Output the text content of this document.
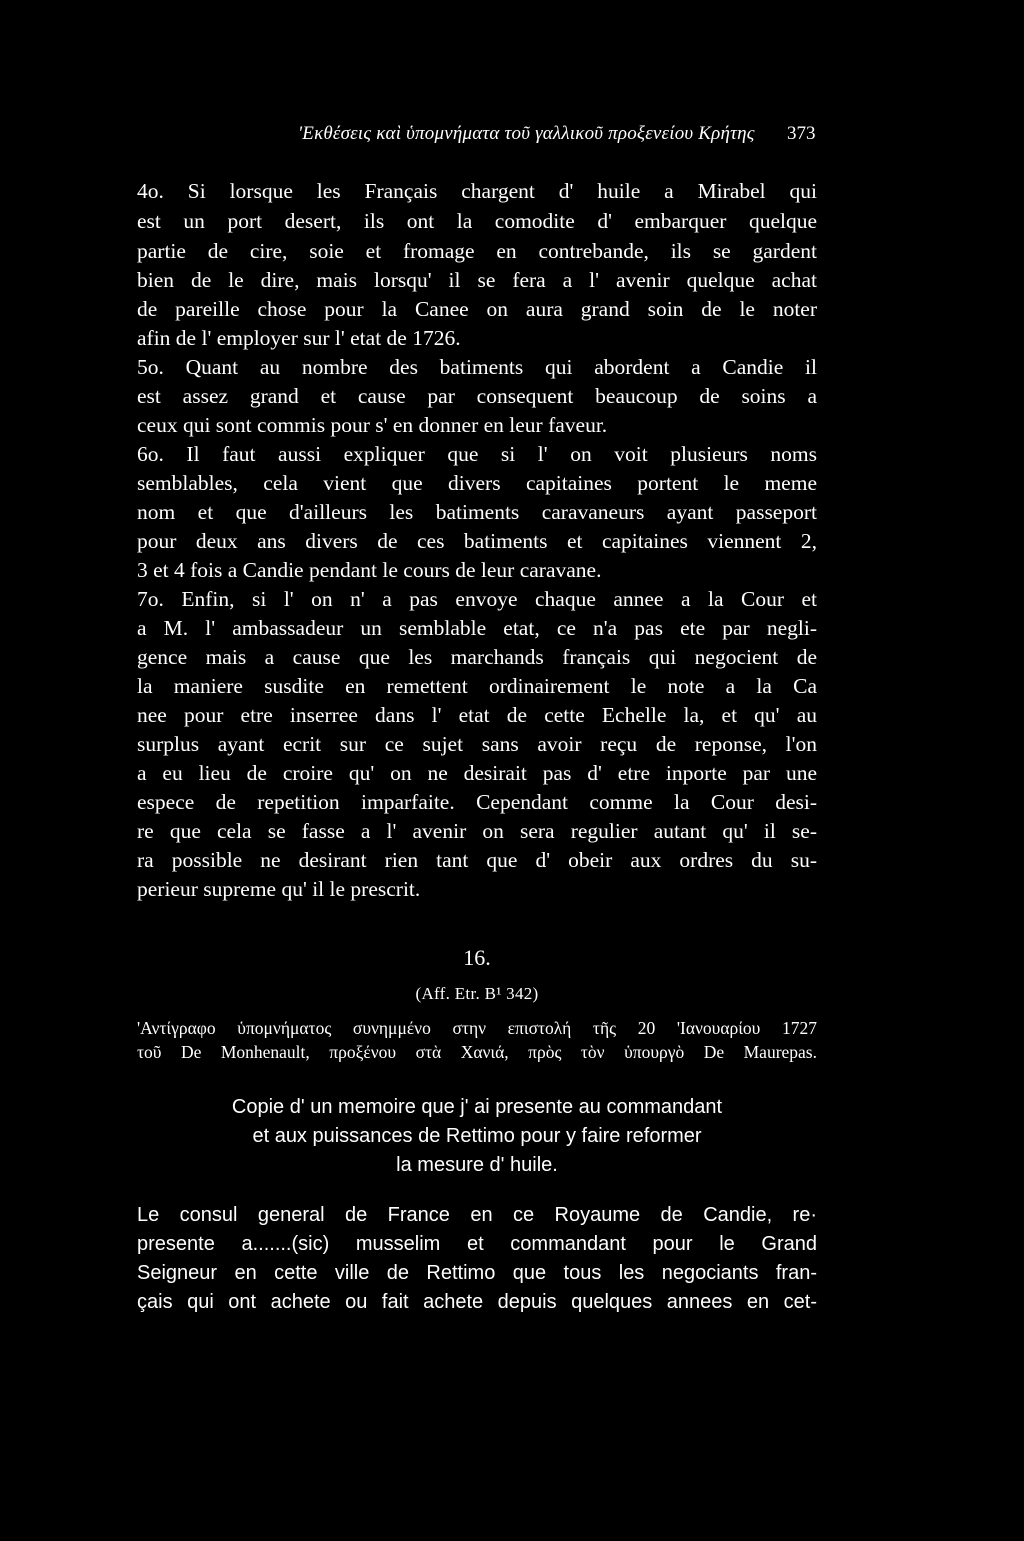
'Εκθέσεις καὶ ὑπομνήματα τοῦ γαλλικοῦ προξενείου Κρήτης	373
4o. Si lorsque les Français chargent d' huile a Mirabel qui
est un port desert, ils ont la comodite d' embarquer quelque
partie de cire, soie et fromage en contrebande, ils se gardent
bien de le dire, mais lorsqu' il se fera a l' avenir quelque achat
de pareille chose pour la Canee on aura grand soin de le noter
afin de l' employer sur l' etat de 1726.
5o. Quant au nombre des batiments qui abordent a Candie il
est assez grand et cause par consequent beaucoup de soins a
ceux qui sont commis pour s' en donner en leur faveur.
6o. Il faut aussi expliquer que si l' on voit plusieurs noms
semblables, cela vient que divers capitaines portent le meme
nom et que d'ailleurs les batiments caravaneurs ayant passeport
pour deux ans divers de ces batiments et capitaines viennent 2,
3 et 4 fois a Candie pendant le cours de leur caravane.
7o. Enfin, si l' on n' a pas envoye chaque annee a la Cour et
a M. l' ambassadeur un semblable etat, ce n'a pas ete par negli-
gence mais a cause que les marchands français qui negocient de
la maniere susdite en remettent ordinairement le note a la Ca
nee pour etre inserree dans l' etat de cette Echelle la, et qu' au
surplus ayant ecrit sur ce sujet sans avoir reçu de reponse, l'on
a eu lieu de croire qu' on ne desirait pas d' etre inporte par une
espece de repetition imparfaite. Cependant comme la Cour desi-
re que cela se fasse a l' avenir on sera regulier autant qu' il se-
ra possible ne desirant rien tant que d' obeir aux ordres du su-
perieur supreme qu' il le prescrit.
16.
(Aff. Etr. B¹ 342)
'Αντίγραφο ὑπομνήματος συνημμένο στην επιστολή τῆς 20 'Ιανουαρίου 1727
τοῦ De Monhenault, προξένου στὰ Χανιά, πρὸς τὸν ὑπουργὸ De Maurepas.
Copie d' un memoire que j' ai presente au commandant
et aux puissances de Rettimo pour y faire reformer
la mesure d' huile.
Le consul general de France en ce Royaume de Candie, re·
presente a.......(sic) musselim et commandant pour le Grand
Seigneur en cette ville de Rettimo que tous les negociants fran-
çais qui ont achete ou fait achete depuis quelques annees en cet-
